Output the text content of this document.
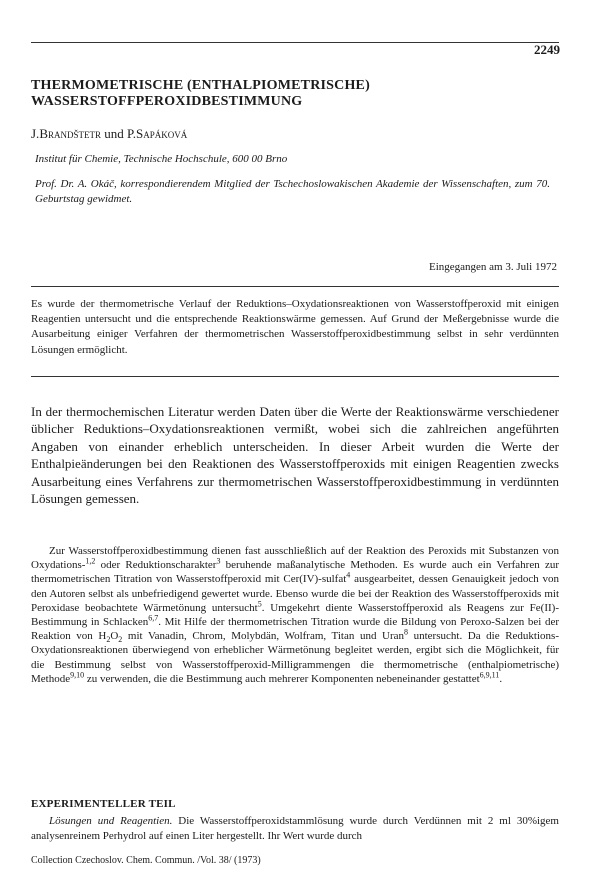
2249
THERMOMETRISCHE (ENTHALPIOMETRISCHE)
WASSERSTOFFPEROXIDBESTIMMUNG
J.Brandštetr und P.Sapáková
Institut für Chemie, Technische Hochschule, 600 00 Brno
Prof. Dr. A. Okáč, korrespondierendem Mitglied der Tschechoslowakischen Akademie der Wissenschaften, zum 70. Geburtstag gewidmet.
Eingegangen am 3. Juli 1972
Es wurde der thermometrische Verlauf der Reduktions–Oxydationsreaktionen von Wasserstoffperoxid mit einigen Reagentien untersucht und die entsprechende Reaktionswärme gemessen. Auf Grund der Meßergebnisse wurde die Ausarbeitung einiger Verfahren der thermometrischen Wasserstoffperoxidbestimmung selbst in sehr verdünnten Lösungen ermöglicht.
In der thermochemischen Literatur werden Daten über die Werte der Reaktionswärme verschiedener üblicher Reduktions–Oxydationsreaktionen vermißt, wobei sich die zahlreichen angeführten Angaben von einander erheblich unterscheiden. In dieser Arbeit wurden die Werte der Enthalpieänderungen bei den Reaktionen des Wasserstoffperoxids mit einigen Reagentien zwecks Ausarbeitung eines Verfahrens zur thermometrischen Wasserstoffperoxidbestimmung in verdünnten Lösungen gemessen.

Zur Wasserstoffperoxidbestimmung dienen fast ausschließlich auf der Reaktion des Peroxids mit Substanzen von Oxydations-$^{1,2}$ oder Reduktionscharakter$^3$ beruhende maßanalytische Methoden. Es wurde auch ein Verfahren zur thermometrischen Titration von Wasserstoffperoxid mit Cer(IV)-sulfat$^4$ ausgearbeitet, dessen Genauigkeit jedoch von den Autoren selbst als unbefriedigend gewertet wurde. Ebenso wurde die bei der Reaktion des Wasserstoffperoxids mit Peroxidase beobachtete Wärmetönung untersucht$^5$. Umgekehrt diente Wasserstoffperoxid als Reagens zur Fe(II)-Bestimmung in Schlacken$^{6,7}$. Mit Hilfe der thermometrischen Titration wurde die Bildung von Peroxo-Salzen bei der Reaktion von $H_2O_2$ mit Vanadin, Chrom, Molybdän, Wolfram, Titan und Uran$^8$ untersucht. Da die Reduktions-Oxydationsreaktionen überwiegend von erheblicher Wärmetönung begleitet werden, ergibt sich die Möglichkeit, für die Bestimmung selbst von Wasserstoffperoxid-Milligrammengen die thermometrische (enthalpiometrische) Methode$^{9,10}$ zu verwenden, die die Bestimmung auch mehrerer Komponenten nebeneinander gestattet$^{6,9,11}$.

EXPERIMENTELLER TEIL
Lösungen und Reagentien. Die Wasserstoffperoxidstammlösung wurde durch Verdünnen mit 2 ml 30%igem analysenreinem Perhydrol auf einen Liter hergestellt. Ihr Wert wurde durch
Collection Czechoslov. Chem. Commun. /Vol. 38/ (1973)
